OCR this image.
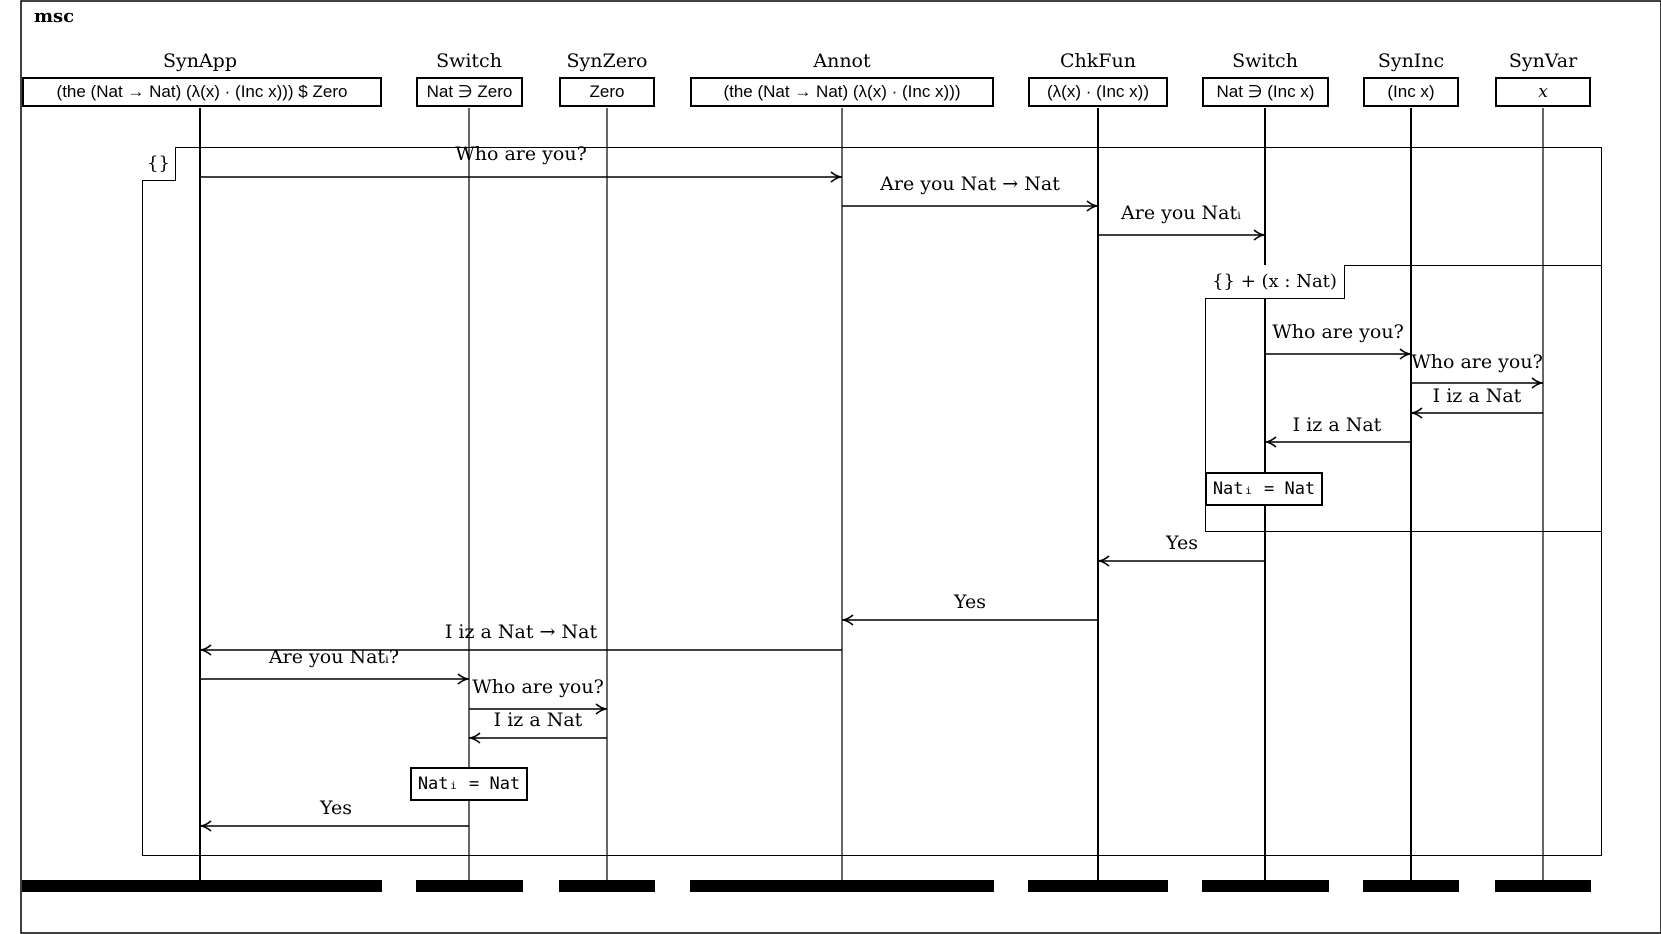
msc
SynApp
(the (Nat → Nat) (λ(x) · (Inc x))) $ Zero
Switch
Nat ∋ Zero
SynZero
Zero
Annot
(the (Nat → Nat) (λ(x) · (Inc x)))
ChkFun
(λ(x) · (Inc x))
Switch
Nat ∋ (Inc x)
SynInc
(Inc x)
SynVar
x
{}
{} + (x : Nat)
Who are you?
Are you Nat → Nat
Are you Natᵢ
Who are you?
Who are you?
I iz a Nat
I iz a Nat
Yes
Yes
I iz a Nat → Nat
Are you Natᵢ?
Who are you?
I iz a Nat
Yes
Natᵢ = Nat
Natᵢ = Nat
